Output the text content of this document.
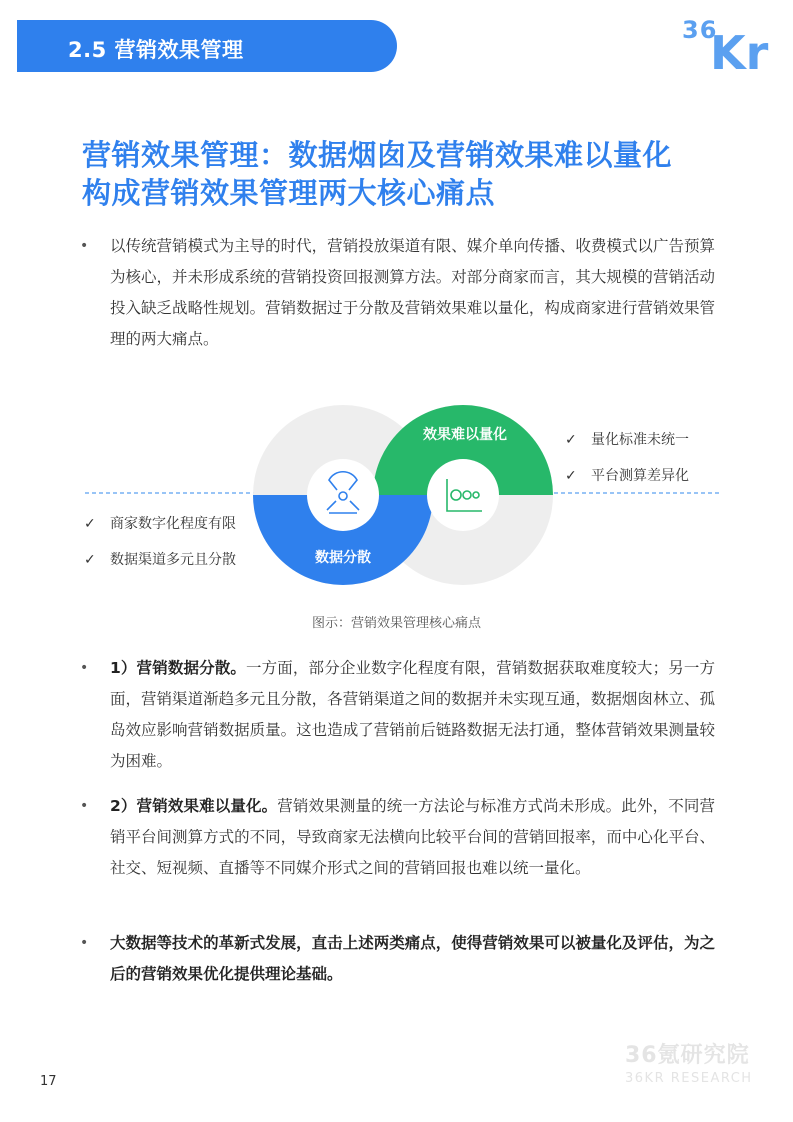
2.5 营销效果管理
36
Kr
营销效果管理：数据烟囱及营销效果难以量化
构成营销效果管理两大核心痛点
• 以传统营销模式为主导的时代，营销投放渠道有限、媒介单向传播、收费模式以广告预算为核心，并未形成系统的营销投资回报测算方法。对部分商家而言，其大规模的营销活动投入缺乏战略性规划。营销数据过于分散及营销效果难以量化，构成商家进行营销效果管理的两大痛点。
数据分散
效果难以量化	✓ 量化标准未统一
✓ 平台测算差异化
✓ 商家数字化程度有限
✓ 数据渠道多元且分散
图示：营销效果管理核心痛点
• 1）营销数据分散。一方面，部分企业数字化程度有限，营销数据获取难度较大；另一方面，营销渠道渐趋多元且分散，各营销渠道之间的数据并未实现互通，数据烟囱林立、孤岛效应影响营销数据质量。这也造成了营销前后链路数据无法打通，整体营销效果测量较为困难。
• 2）营销效果难以量化。营销效果测量的统一方法论与标准方式尚未形成。此外，不同营销平台间测算方式的不同，导致商家无法横向比较平台间的营销回报率，而中心化平台、社交、短视频、直播等不同媒介形式之间的营销回报也难以统一量化。
• 大数据等技术的革新式发展，直击上述两类痛点，使得营销效果可以被量化及评估，为之后的营销效果优化提供理论基础。
36氪研究院
36KR RESEARCH
17
